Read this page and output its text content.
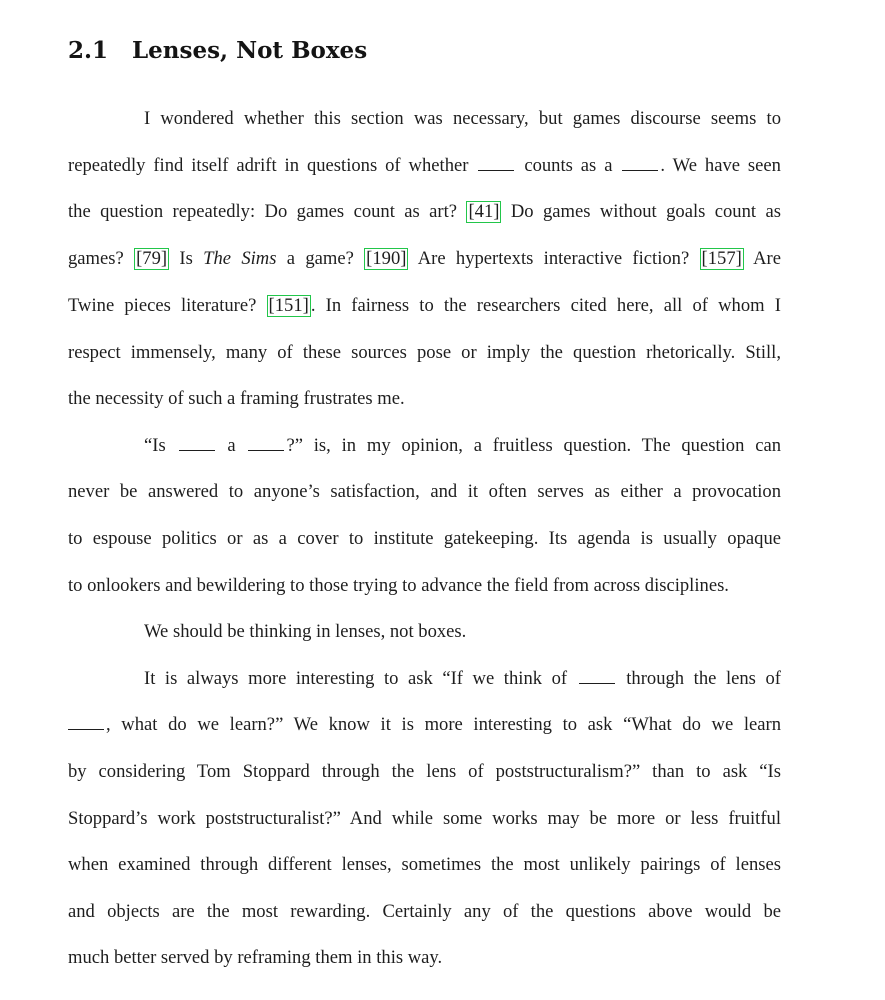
2.1 Lenses, Not Boxes
I wondered whether this section was necessary, but games discourse seems to
repeatedly find itself adrift in questions of whether	counts as a	. We have seen
the question repeatedly: Do games count as art? [41] Do games without goals count as
games? [79] Is The Sims a game? [190] Are hypertexts interactive fiction? [157] Are
Twine pieces literature? [151] . In fairness to the researchers cited here, all of whom I
respect immensely, many of these sources pose or imply the question rhetorically. Still,
the necessity of such a framing frustrates me.
“Is	a	?” is, in my opinion, a fruitless question. The question can
never be answered to anyone’s satisfaction, and it often serves as either a provocation
to espouse politics or as a cover to institute gatekeeping. Its agenda is usually opaque
to onlookers and bewildering to those trying to advance the field from across disciplines.
We should be thinking in lenses, not boxes.
It is always more interesting to ask “If we think of	through the lens of
, what do we learn?” We know it is more interesting to ask “What do we learn
by considering Tom Stoppard through the lens of poststructuralism?” than to ask “Is
Stoppard’s work poststructuralist?” And while some works may be more or less fruitful
when examined through different lenses, sometimes the most unlikely pairings of lenses
and objects are the most rewarding. Certainly any of the questions above would be
much better served by reframing them in this way.
